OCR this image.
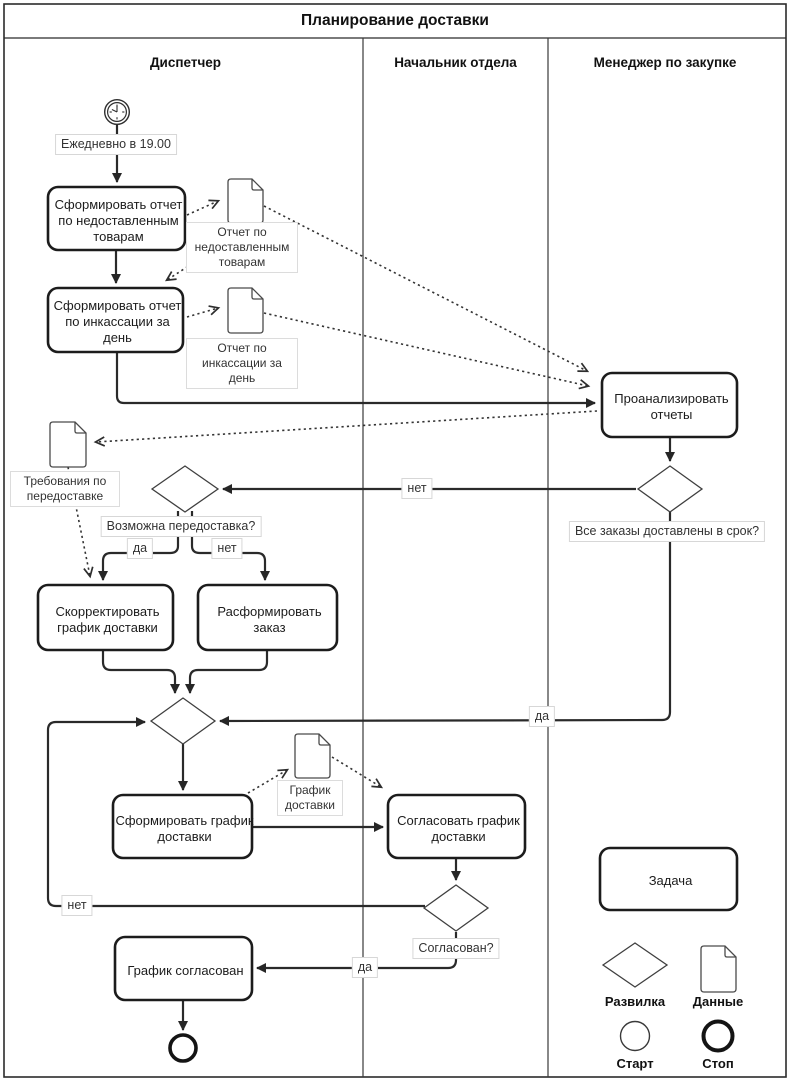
Планирование доставки
Диспетчер	Начальник отдела	Менеджер по закупке
Ежедневно в 19.00
Сформировать отчет по недоставленным товарам
Сформировать отчет по инкассации за день
Проанализировать отчеты
Скорректировать график доставки
Расформировать заказ
Сформировать график доставки
Согласовать график доставки
График согласован
Задача
Отчет по недоставленным товарам
Отчет по инкассации за день
Требования по передоставке
График доставки
Возможна передоставка?	Все заказы доставлены в срок?
Согласован?
да	нет
нет
да
нет
да
Развилка Данные
Старт	Стоп
